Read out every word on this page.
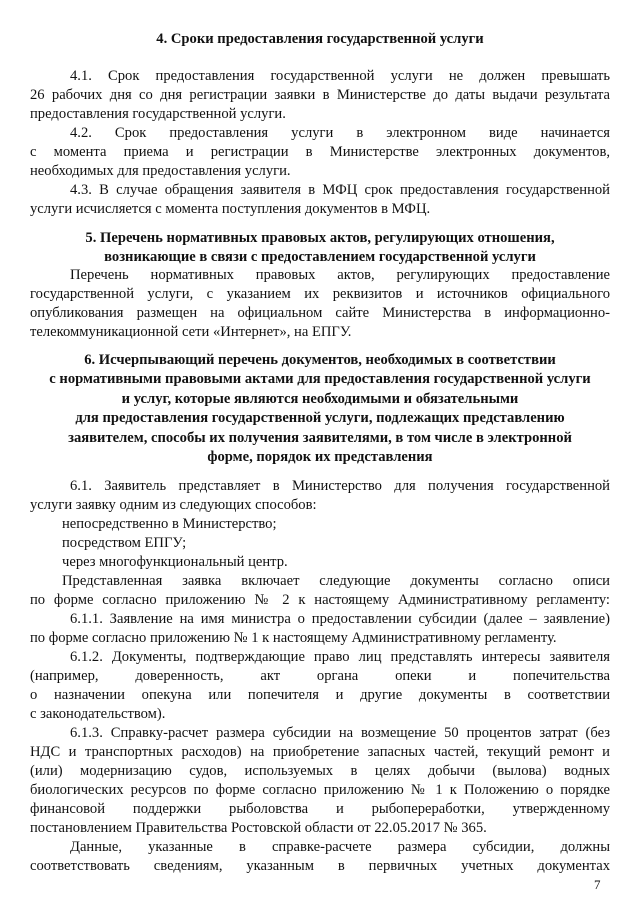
4. Сроки предоставления государственной услуги
4.1. Срок предоставления государственной услуги не должен превышать
26 рабочих дня со дня регистрации заявки в Министерстве до даты выдачи результата
предоставления государственной услуги.
4.2. Срок предоставления услуги в электронном виде начинается
с момента приема и регистрации в Министерстве электронных документов,
необходимых для предоставления услуги.
4.3. В случае обращения заявителя в МФЦ срок предоставления государственной
услуги исчисляется с момента поступления документов в МФЦ.
5. Перечень нормативных правовых актов, регулирующих отношения,
возникающие в связи с предоставлением государственной услуги
Перечень нормативных правовых актов, регулирующих предоставление
государственной услуги, с указанием их реквизитов и источников официального
опубликования размещен на официальном сайте Министерства в информационно-
телекоммуникационной сети «Интернет», на ЕПГУ.
6. Исчерпывающий перечень документов, необходимых в соответствии
с нормативными правовыми актами для предоставления государственной услуги
и услуг, которые являются необходимыми и обязательными
для предоставления государственной услуги, подлежащих представлению
заявителем, способы их получения заявителями, в том числе в электронной
форме, порядок их представления
6.1. Заявитель представляет в Министерство для получения государственной
услуги заявку одним из следующих способов:
непосредственно в Министерство;
посредством ЕПГУ;
через многофункциональный центр.
Представленная заявка включает следующие документы согласно описи
по форме согласно приложению № 2 к настоящему Административному регламенту:
6.1.1. Заявление на имя министра о предоставлении субсидии (далее – заявление)
по форме согласно приложению № 1 к настоящему Административному регламенту.
6.1.2. Документы, подтверждающие право лиц представлять интересы заявителя
(например, доверенность, акт органа опеки и попечительства
о назначении опекуна или попечителя и другие документы в соответствии
с законодательством).
6.1.3. Справку-расчет размера субсидии на возмещение 50 процентов затрат (без
НДС и транспортных расходов) на приобретение запасных частей, текущий ремонт и
(или) модернизацию судов, используемых в целях добычи (вылова) водных
биологических ресурсов по форме согласно приложению № 1 к Положению о порядке
финансовой поддержки рыболовства и рыбопереработки, утвержденному
постановлением Правительства Ростовской области от 22.05.2017 № 365.
Данные, указанные в справке-расчете размера субсидии, должны
соответствовать сведениям, указанным в первичных учетных документах
7
